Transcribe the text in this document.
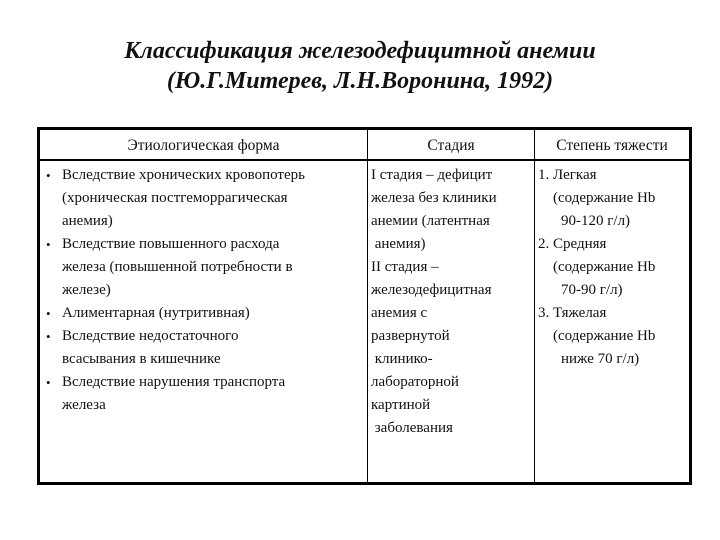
Классификация железодефицитной анемии
(Ю.Г.Митерев, Л.Н.Воронина, 1992)
Этиологическая форма	Стадия	Степень тяжести
• Вследствие хронических кровопотерь
(хроническая постгеморрагическая
анемия)
• Вследствие повышенного расхода
железа (повышенной потребности в
железе)
• Алиментарная (нутритивная)
• Вследствие недостаточного
всасывания в кишечнике
• Вследствие нарушения транспорта
железа
I стадия – дефицит
железа без клиники
анемии (латентная
анемия)
II стадия –
железодефицитная
анемия с
развернутой
клинико-
лабораторной
картиной
заболевания
1. Легкая
(содержание Hb
90-120 г/л)
2. Средняя
(содержание Hb
70-90 г/л)
3. Тяжелая
(содержание Hb
ниже 70 г/л)
